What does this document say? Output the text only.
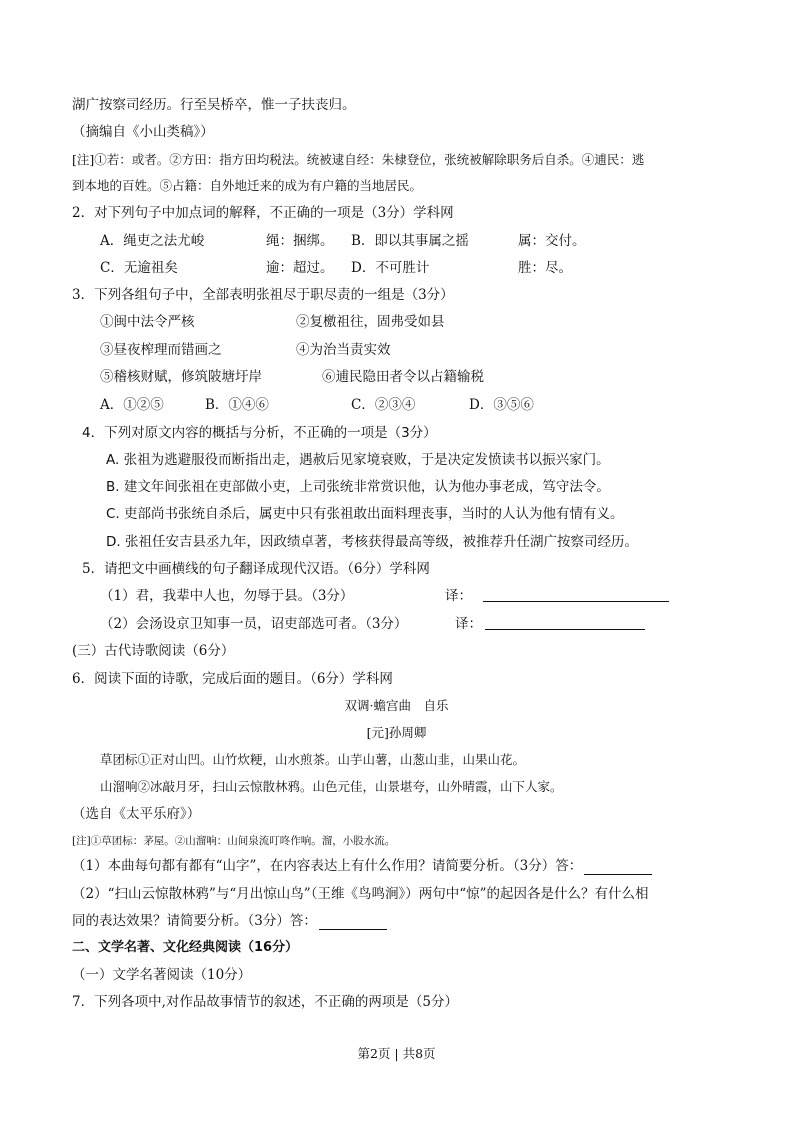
湖广按察司经历。行至吴桥卒，惟一子扶丧归。
（摘编自《小山类稿》）
[注]①若：或者。②方田：指方田均税法。统被逮自经：朱棣登位，张统被解除职务后自杀。④逋民：逃
到本地的百姓。⑤占籍：自外地迁来的成为有户籍的当地居民。
2．对下列句子中加点词的解释，不正确的一项是（3分）学科网
A．绳吏之法尤峻	绳：捆绑。 B．即以其事属之摇	属：交付。
C．无逾祖矣	逾：超过。 D．不可胜计	胜：尽。
3．下列各组句子中，全部表明张祖尽于职尽责的一组是（3分）
①闽中法令严核	②复檄祖往，固弗受如县
③昼夜榨理而错画之	④为治当责实效
⑤稽核财赋，修筑陂塘圩岸	⑥逋民隐田者令以占籍输税
A．①②⑤	B．①④⑥	C．②③④	D．③⑤⑥
4．下列对原文内容的概括与分析，不正确的一项是（3分）
A. 张祖为逃避服役而断指出走，遇赦后见家境衰败，于是决定发愤读书以振兴家门。
B. 建文年间张祖在吏部做小吏，上司张统非常赏识他，认为他办事老成，笃守法令。
C. 吏部尚书张统自杀后，属吏中只有张祖敢出面料理丧事，当时的人认为他有情有义。
D. 张祖任安吉县丞九年，因政绩卓著，考核获得最高等级，被推荐升任湖广按察司经历。
5．请把文中画横线的句子翻译成现代汉语。（6分）学科网
（1）君，我辈中人也，勿辱于县。（3分）	译：
（2）会汤设京卫知事一员，诏吏部选可者。（3分）	译：
(三）古代诗歌阅读（6分）
6．阅读下面的诗歌，完成后面的题目。（6分）学科网
双调·蟾宫曲　自乐
[元]孙周卿
草团标①正对山凹。山竹炊粳，山水煎茶。山芋山薯，山葱山韭，山果山花。
山溜响②冰敲月牙，扫山云惊散林鸦。山色元佳，山景堪夸，山外晴霞，山下人家。
（选自《太平乐府》）
[注]①草团标：茅屋。②山溜响：山间泉流叮咚作响。溜，小股水流。
（1）本曲每句都有都有“山字”，在内容表达上有什么作用？请简要分析。（3分）答：
（2）“扫山云惊散林鸦”与“月出惊山鸟”（王维《鸟鸣涧》）两句中“惊”的起因各是什么？有什么相
同的表达效果？请简要分析。（3分）答：
二、文学名著、文化经典阅读（16分）
（一）文学名著阅读（10分）
7．下列各项中,对作品故事情节的叙述，不正确的两项是（5分）
第2页 | 共8页
